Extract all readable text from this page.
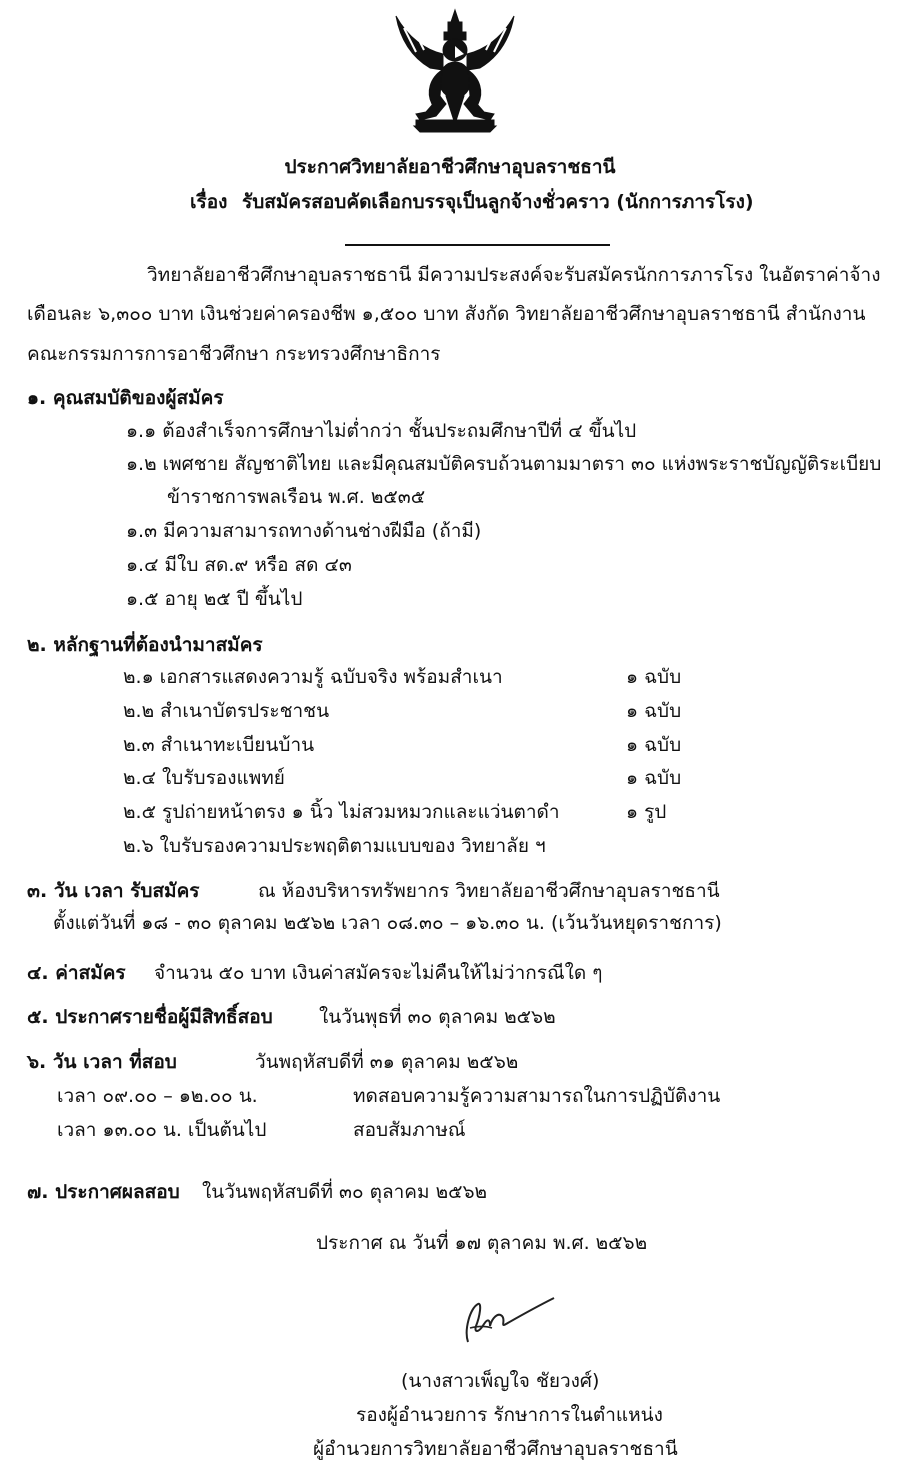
ประกาศวิทยาลัยอาชีวศึกษาอุบลราชธานี
เรื่อง รับสมัครสอบคัดเลือกบรรจุเป็นลูกจ้างชั่วคราว (นักการภารโรง)
วิทยาลัยอาชีวศึกษาอุบลราชธานี มีความประสงค์จะรับสมัครนักการภารโรง ในอัตราค่าจ้าง
เดือนละ ๖,๓๐๐ บาท เงินช่วยค่าครองชีพ ๑,๕๐๐ บาท สังกัด วิทยาลัยอาชีวศึกษาอุบลราชธานี สำนักงาน
คณะกรรมการการอาชีวศึกษา กระทรวงศึกษาธิการ
๑. คุณสมบัติของผู้สมัคร
๑.๑ ต้องสำเร็จการศึกษาไม่ต่ำกว่า ชั้นประถมศึกษาปีที่ ๔ ขึ้นไป
๑.๒ เพศชาย สัญชาติไทย และมีคุณสมบัติครบถ้วนตามมาตรา ๓๐ แห่งพระราชบัญญัติระเบียบ
ข้าราชการพลเรือน พ.ศ. ๒๕๓๕
๑.๓ มีความสามารถทางด้านช่างฝีมือ (ถ้ามี)
๑.๔ มีใบ สด.๙ หรือ สด ๔๓
๑.๕ อายุ ๒๕ ปี ขึ้นไป
๒. หลักฐานที่ต้องนำมาสมัคร
๒.๑ เอกสารแสดงความรู้ ฉบับจริง พร้อมสำเนา	๑ ฉบับ
๒.๒ สำเนาบัตรประชาชน	๑ ฉบับ
๒.๓ สำเนาทะเบียนบ้าน	๑ ฉบับ
๒.๔ ใบรับรองแพทย์	๑ ฉบับ
๒.๕ รูปถ่ายหน้าตรง ๑ นิ้ว ไม่สวมหมวกและแว่นตาดำ	๑ รูป
๒.๖ ใบรับรองความประพฤติตามแบบของ วิทยาลัย ฯ
๓. วัน เวลา รับสมัคร	ณ ห้องบริหารทรัพยากร วิทยาลัยอาชีวศึกษาอุบลราชธานี
ตั้งแต่วันที่ ๑๘ - ๓๐ ตุลาคม ๒๕๖๒ เวลา ๐๘.๓๐ – ๑๖.๓๐ น. (เว้นวันหยุดราชการ)
๔. ค่าสมัคร จำนวน ๕๐ บาท เงินค่าสมัครจะไม่คืนให้ไม่ว่ากรณีใด ๆ
๕. ประกาศรายชื่อผู้มีสิทธิ์สอบ ในวันพุธที่ ๓๐ ตุลาคม ๒๕๖๒
๖. วัน เวลา ที่สอบ	วันพฤหัสบดีที่ ๓๑ ตุลาคม ๒๕๖๒
เวลา ๐๙.๐๐ – ๑๒.๐๐ น.	ทดสอบความรู้ความสามารถในการปฏิบัติงาน
เวลา ๑๓.๐๐ น. เป็นต้นไป	สอบสัมภาษณ์
๗. ประกาศผลสอบ ในวันพฤหัสบดีที่ ๓๐ ตุลาคม ๒๕๖๒
ประกาศ ณ วันที่ ๑๗ ตุลาคม พ.ศ. ๒๕๖๒
(นางสาวเพ็ญใจ ชัยวงศ์)
รองผู้อำนวยการ รักษาการในตำแหน่ง
ผู้อำนวยการวิทยาลัยอาชีวศึกษาอุบลราชธานี
